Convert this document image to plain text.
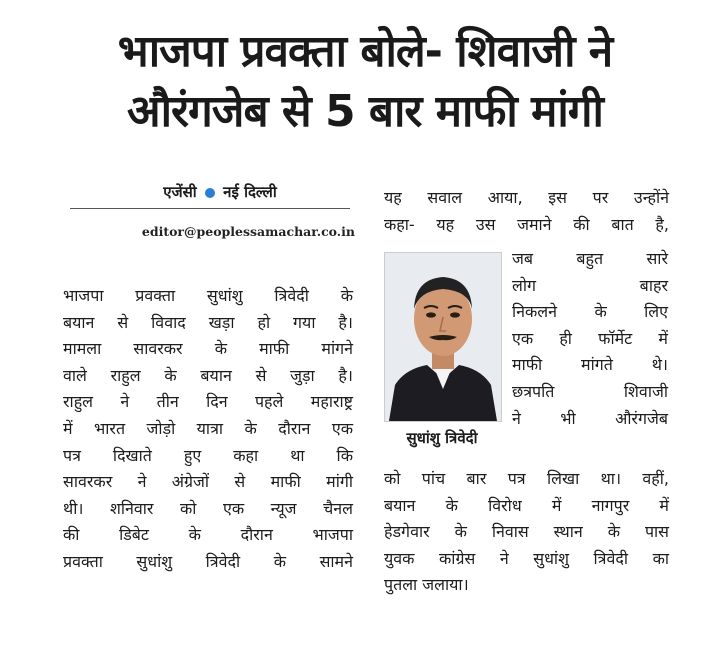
भाजपा प्रवक्ता बोले- शिवाजी ने
औरंगजेब से 5 बार माफी मांगी
एजेंसी नई दिल्ली
editor@peoplessamachar.co.in
भाजपा प्रवक्ता सुधांशु त्रिवेदी के
बयान से विवाद खड़ा हो गया है।
मामला सावरकर के माफी मांगने
वाले राहुल के बयान से जुड़ा है।
राहुल ने तीन दिन पहले महाराष्ट्र
में भारत जोड़ो यात्रा के दौरान एक
पत्र दिखाते हुए कहा था कि
सावरकर ने अंग्रेजों से माफी मांगी
थी। शनिवार को एक न्यूज चैनल
की डिबेट के दौरान भाजपा
प्रवक्ता सुधांशु त्रिवेदी के सामने
यह सवाल आया, इस पर उन्होंने
कहा- यह उस जमाने की बात है,
सुधांशु त्रिवेदी
जब बहुत सारे
लोग बाहर
निकलने के लिए
एक ही फॉर्मेट में
माफी मांगते थे।
छत्रपति शिवाजी
ने भी औरंगजेब
को पांच बार पत्र लिखा था। वहीं,
बयान के विरोध में नागपुर में
हेडगेवार के निवास स्थान के पास
युवक कांग्रेस ने सुधांशु त्रिवेदी का
पुतला जलाया।
